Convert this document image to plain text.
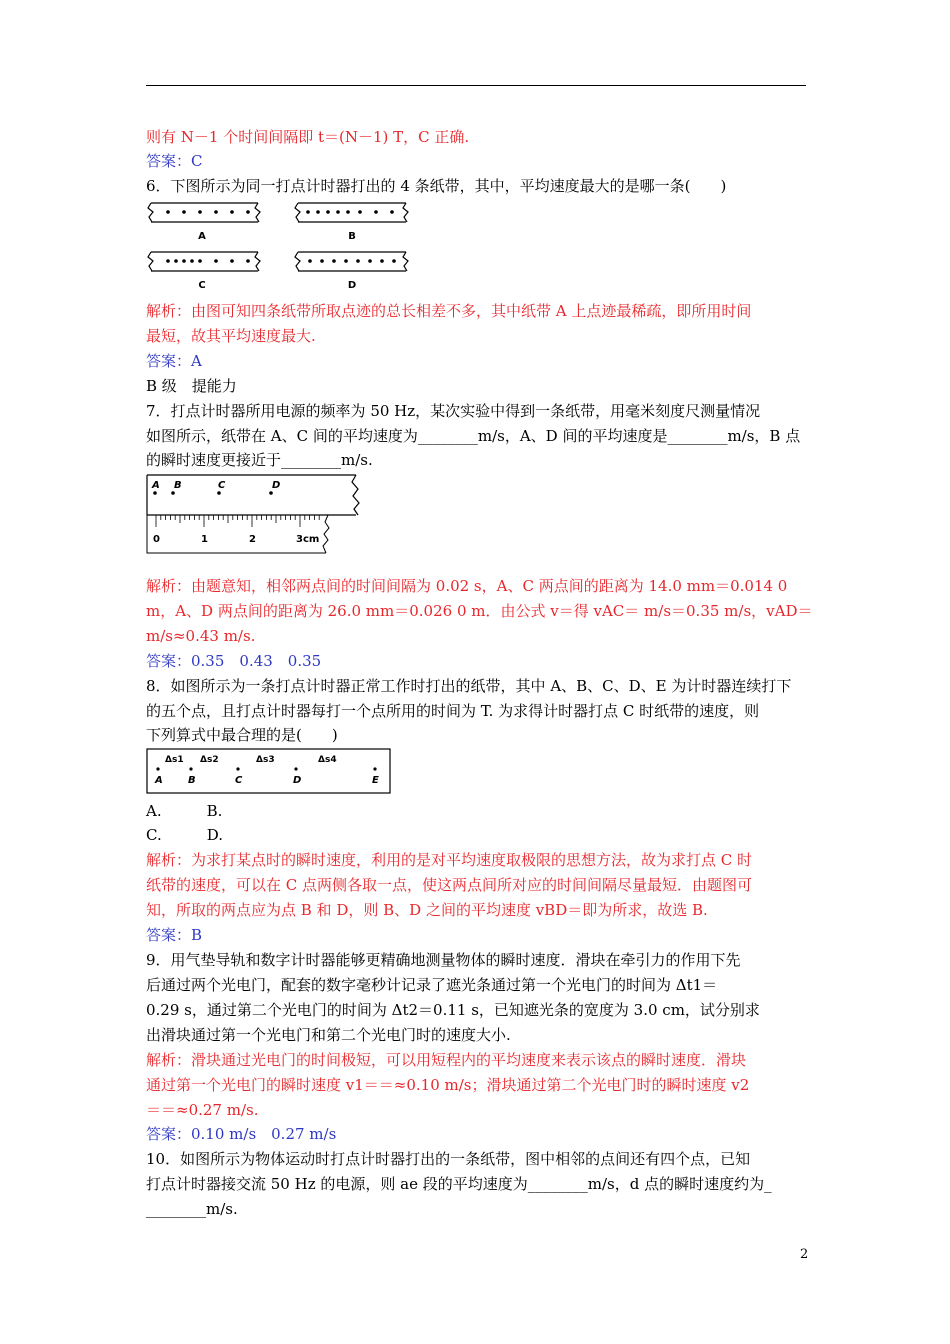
则有 N－1 个时间间隔即 t＝(N－1) T，C 正确.
答案：C
6．下图所示为同一打点计时器打出的 4 条纸带，其中，平均速度最大的是哪一条(　　)
A	B
C	D
解析：由图可知四条纸带所取点迹的总长相差不多，其中纸带 A 上点迹最稀疏，即所用时间
最短，故其平均速度最大.
答案：A
B 级　提能力
7．打点计时器所用电源的频率为 50 Hz，某次实验中得到一条纸带，用毫米刻度尺测量情况
如图所示，纸带在 A、C 间的平均速度为________m/s，A、D 间的平均速度是________m/s，B 点
的瞬时速度更接近于________m/s.
A B	C	D
0	1	2	3cm
解析：由题意知，相邻两点间的时间间隔为 0.02 s，A、C 两点间的距离为 14.0 mm＝0.014 0
m，A、D 两点间的距离为 26.0 mm＝0.026 0 m．由公式 v＝得 vAC＝ m/s＝0.35 m/s，vAD＝
m/s≈0.43 m/s.
答案：0.35　0.43　0.35
8．如图所示为一条打点计时器正常工作时打出的纸带，其中 A、B、C、D、E 为计时器连续打下
的五个点，且打点计时器每打一个点所用的时间为 T. 为求得计时器打点 C 时纸带的速度，则
下列算式中最合理的是(　　)
A	B	C	D	E
Δs1 Δs2	Δs3	Δs4
A.　　　B.
C.　　　D.
解析：为求打某点时的瞬时速度，利用的是对平均速度取极限的思想方法，故为求打点 C 时
纸带的速度，可以在 C 点两侧各取一点，使这两点间所对应的时间间隔尽量最短．由题图可
知，所取的两点应为点 B 和 D，则 B、D 之间的平均速度 vBD＝即为所求，故选 B.
答案：B
9．用气垫导轨和数字计时器能够更精确地测量物体的瞬时速度．滑块在牵引力的作用下先
后通过两个光电门，配套的数字毫秒计记录了遮光条通过第一个光电门的时间为 Δt1＝
0.29 s，通过第二个光电门的时间为 Δt2＝0.11 s，已知遮光条的宽度为 3.0 cm，试分别求
出滑块通过第一个光电门和第二个光电门时的速度大小.
解析：滑块通过光电门的时间极短，可以用短程内的平均速度来表示该点的瞬时速度．滑块
通过第一个光电门的瞬时速度 v1＝＝≈0.10 m/s；滑块通过第二个光电门时的瞬时速度 v2
＝＝≈0.27 m/s.
答案：0.10 m/s　0.27 m/s
10．如图所示为物体运动时打点计时器打出的一条纸带，图中相邻的点间还有四个点，已知
打点计时器接交流 50 Hz 的电源，则 ae 段的平均速度为________m/s，d 点的瞬时速度约为_
________m/s.
2
